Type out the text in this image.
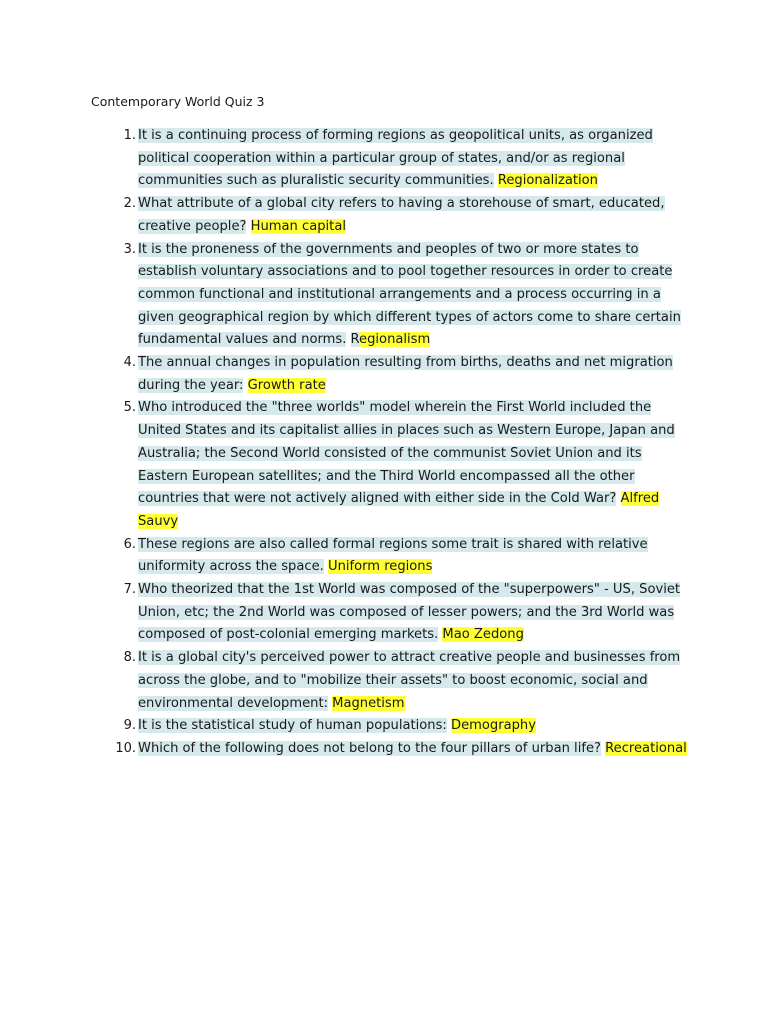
Contemporary World Quiz 3
1. It is a continuing process of forming regions as geopolitical units, as organized political cooperation within a particular group of states, and/or as regional communities such as pluralistic security communities. Regionalization
2. What attribute of a global city refers to having a storehouse of smart, educated, creative people? Human capital
3. It is the proneness of the governments and peoples of two or more states to establish voluntary associations and to pool together resources in order to create common functional and institutional arrangements and a process occurring in a given geographical region by which different types of actors come to share certain fundamental values and norms. Regionalism
4. The annual changes in population resulting from births, deaths and net migration during the year: Growth rate
5. Who introduced the "three worlds" model wherein the First World included the United States and its capitalist allies in places such as Western Europe, Japan and Australia; the Second World consisted of the communist Soviet Union and its Eastern European satellites; and the Third World encompassed all the other countries that were not actively aligned with either side in the Cold War? Alfred Sauvy
6. These regions are also called formal regions some trait is shared with relative uniformity across the space. Uniform regions
7. Who theorized that the 1st World was composed of the "superpowers" - US, Soviet Union, etc; the 2nd World was composed of lesser powers; and the 3rd World was composed of post-colonial emerging markets. Mao Zedong
8. It is a global city's perceived power to attract creative people and businesses from across the globe, and to "mobilize their assets" to boost economic, social and environmental development: Magnetism
9. It is the statistical study of human populations: Demography
10. Which of the following does not belong to the four pillars of urban life? Recreational
